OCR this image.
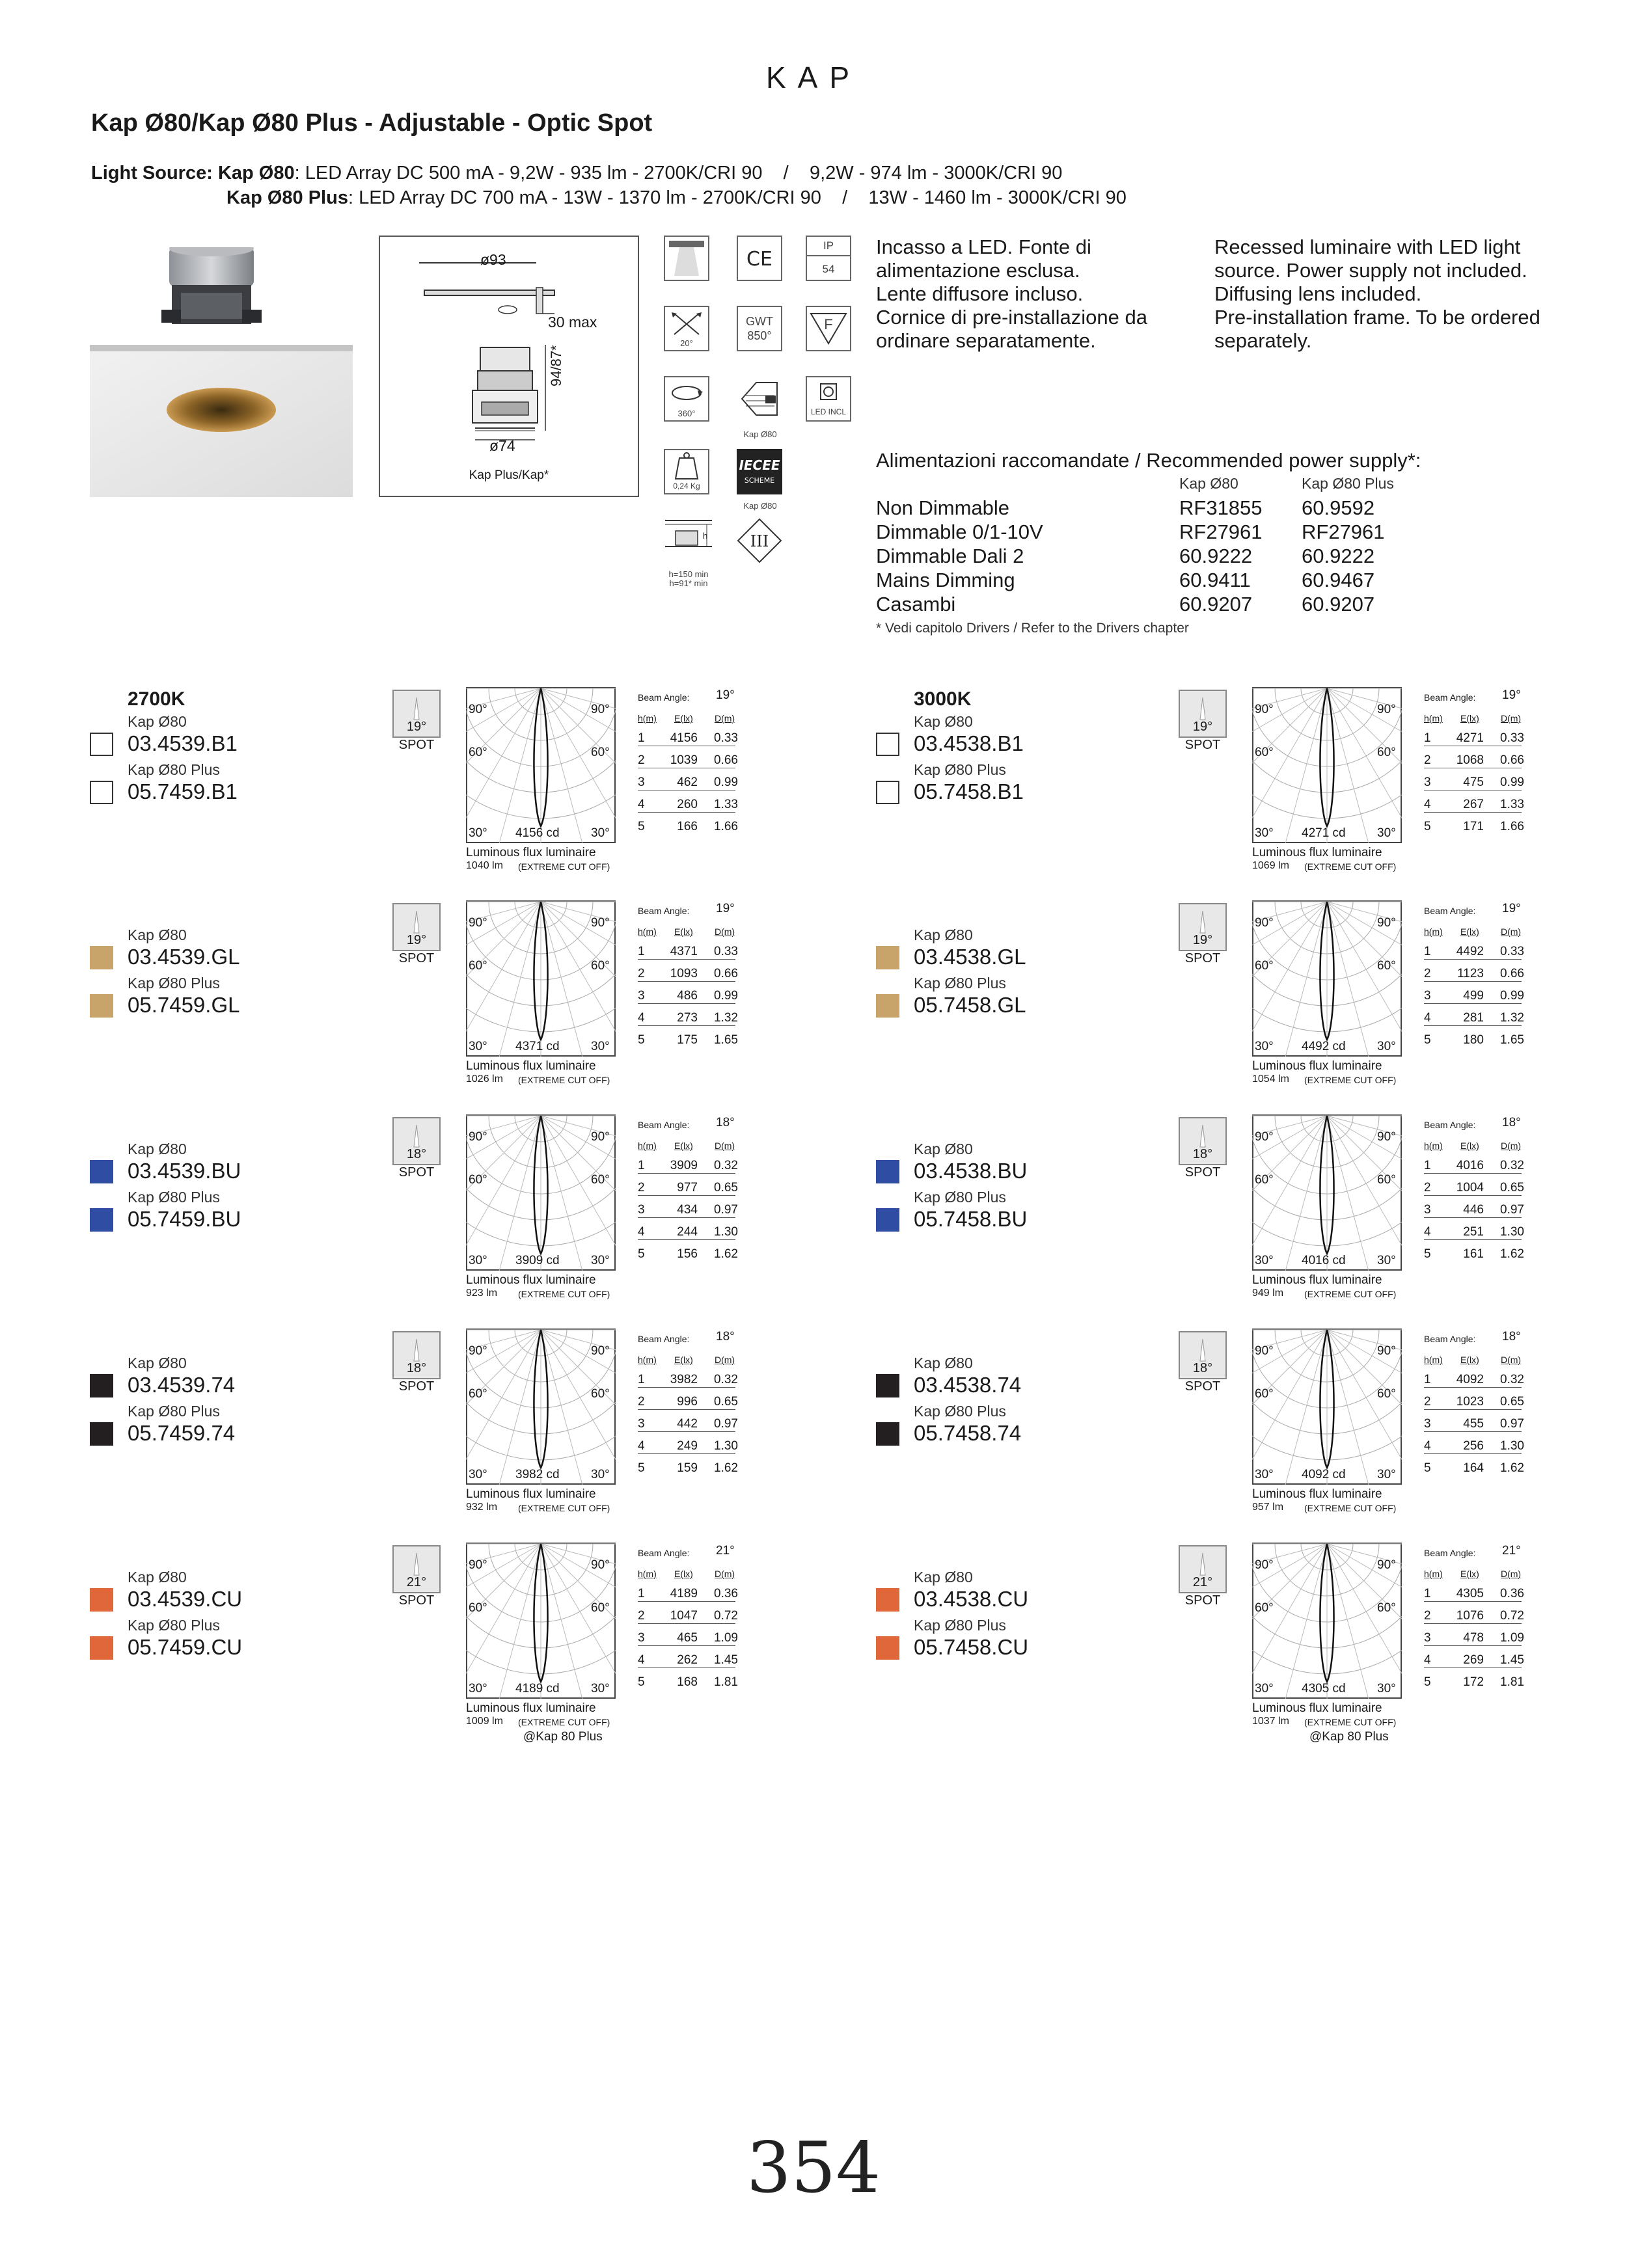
KAP
Kap Ø80/Kap Ø80 Plus - Adjustable - Optic Spot
Light Source: Kap Ø80: LED Array DC 500 mA - 9,2W - 935 lm - 2700K/CRI 90    /    9,2W - 974 lm - 3000K/CRI 90
Kap Ø80 Plus: LED Array DC 700 mA - 13W - 1370 lm - 2700K/CRI 90    /    13W - 1460 lm - 3000K/CRI 90
ø93
30 max
94/87*
ø74
Kap Plus/Kap*
CE
IP
54
20°
GWT
850°
F
360°	LED INCL
Kap Ø80
0,24 Kg
IECEE
SCHEME
Kap Ø80
h
h=150 min
h=91* min
III
Incasso a LED. Fonte di
alimentazione esclusa.
Lente diffusore incluso.
Cornice di pre-installazione da
ordinare separatamente.
Recessed luminaire with LED light
source. Power supply not included.
Diffusing lens included.
Pre-installation frame. To be ordered
separately.
Alimentazioni raccomandate / Recommended power supply*:
Kap Ø80	Kap Ø80 Plus
Non Dimmable	RF31855 60.9592
Dimmable 0/1-10V	RF27961 RF27961
Dimmable Dali 2	60.9222 60.9222
Mains Dimming	60.9411	60.9467
Casambi	60.9207 60.9207
* Vedi capitolo Drivers / Refer to the Drivers chapter
2700K
Kap Ø80
03.4539.B1
Kap Ø80 Plus
05.7459.B1
19°
SPOT
90°	90°
60°	60°
30°	30°
4156 cd
Luminous flux luminaire
1040 lm (EXTREME CUT OFF)
Beam Angle: 19°
h(m) E(lx) D(m)
1	4156	0.33
2	1039	0.66
3	462	0.99
4	260	1.33
5	166	1.66
Kap Ø80
03.4539.GL
Kap Ø80 Plus
05.7459.GL
19°
SPOT
90°	90°
60°	60°
30°	30°
4371 cd
Luminous flux luminaire
1026 lm (EXTREME CUT OFF)
Beam Angle: 19°
h(m) E(lx) D(m)
1	4371	0.33
2	1093	0.66
3	486	0.99
4	273	1.32
5	175	1.65
Kap Ø80
03.4539.BU
Kap Ø80 Plus
05.7459.BU
18°
SPOT
90°	90°
60°	60°
30°	30°
3909 cd
Luminous flux luminaire
923 lm (EXTREME CUT OFF)
Beam Angle: 18°
h(m) E(lx) D(m)
1	3909	0.32
2	977	0.65
3	434	0.97
4	244	1.30
5	156	1.62
Kap Ø80
03.4539.74
Kap Ø80 Plus
05.7459.74
18°
SPOT
90°	90°
60°	60°
30°	30°
3982 cd
Luminous flux luminaire
932 lm (EXTREME CUT OFF)
Beam Angle: 18°
h(m) E(lx) D(m)
1	3982	0.32
2	996	0.65
3	442	0.97
4	249	1.30
5	159	1.62
Kap Ø80
03.4539.CU
Kap Ø80 Plus
05.7459.CU
21°
SPOT
90°	90°
60°	60°
30°	30°
4189 cd
Luminous flux luminaire
1009 lm (EXTREME CUT OFF)
Beam Angle: 21°
h(m) E(lx) D(m)
1	4189	0.36
2	1047	0.72
3	465	1.09
4	262	1.45
5	168	1.81
@Kap 80 Plus
3000K
Kap Ø80
03.4538.B1
Kap Ø80 Plus
05.7458.B1
19°
SPOT
90°	90°
60°	60°
30°	30°
4271 cd
Luminous flux luminaire
1069 lm (EXTREME CUT OFF)
Beam Angle: 19°
h(m) E(lx) D(m)
1	4271	0.33
2	1068	0.66
3	475	0.99
4	267	1.33
5	171	1.66
Kap Ø80
03.4538.GL
Kap Ø80 Plus
05.7458.GL
19°
SPOT
90°	90°
60°	60°
30°	30°
4492 cd
Luminous flux luminaire
1054 lm (EXTREME CUT OFF)
Beam Angle: 19°
h(m) E(lx) D(m)
1	4492	0.33
2	1123	0.66
3	499	0.99
4	281	1.32
5	180	1.65
Kap Ø80
03.4538.BU
Kap Ø80 Plus
05.7458.BU
18°
SPOT
90°	90°
60°	60°
30°	30°
4016 cd
Luminous flux luminaire
949 lm (EXTREME CUT OFF)
Beam Angle: 18°
h(m) E(lx) D(m)
1	4016	0.32
2	1004	0.65
3	446	0.97
4	251	1.30
5	161	1.62
Kap Ø80
03.4538.74
Kap Ø80 Plus
05.7458.74
18°
SPOT
90°	90°
60°	60°
30°	30°
4092 cd
Luminous flux luminaire
957 lm (EXTREME CUT OFF)
Beam Angle: 18°
h(m) E(lx) D(m)
1	4092	0.32
2	1023	0.65
3	455	0.97
4	256	1.30
5	164	1.62
Kap Ø80
03.4538.CU
Kap Ø80 Plus
05.7458.CU
21°
SPOT
90°	90°
60°	60°
30°	30°
4305 cd
Luminous flux luminaire
1037 lm (EXTREME CUT OFF)
Beam Angle: 21°
h(m) E(lx) D(m)
1	4305	0.36
2	1076	0.72
3	478	1.09
4	269	1.45
5	172	1.81
@Kap 80 Plus
354
